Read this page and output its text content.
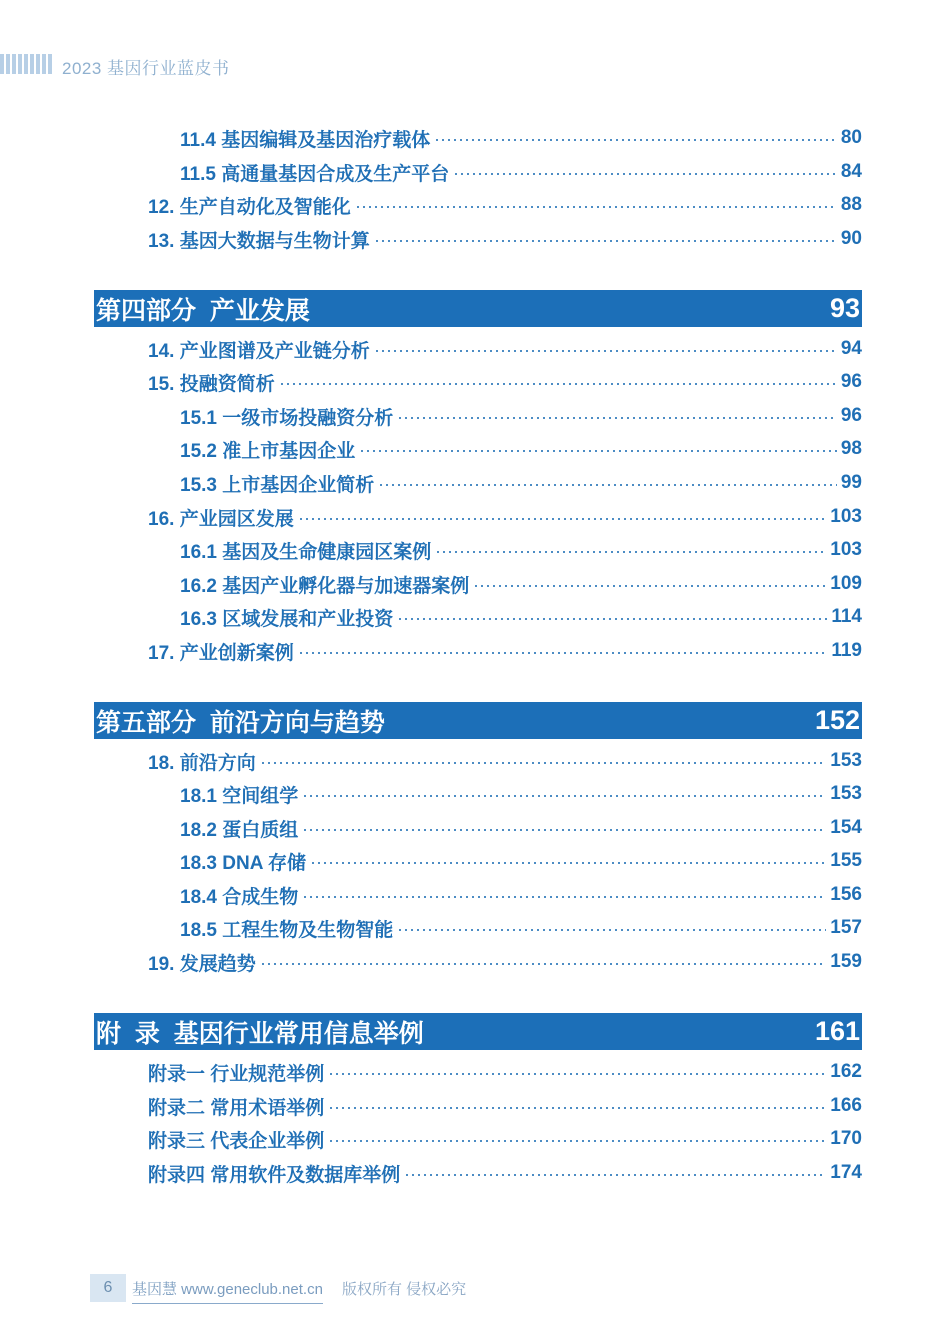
2023 基因行业蓝皮书
11.4 基因编辑及基因治疗载体	80
11.5 高通量基因合成及生产平台	84
12. 生产自动化及智能化	88
13. 基因大数据与生物计算	90
第四部分  产业发展	93
14. 产业图谱及产业链分析	94
15. 投融资简析	96
15.1 一级市场投融资分析	96
15.2 准上市基因企业	98
15.3 上市基因企业简析	99
16. 产业园区发展	103
16.1 基因及生命健康园区案例	103
16.2 基因产业孵化器与加速器案例	109
16.3 区域发展和产业投资	114
17. 产业创新案例	119
第五部分  前沿方向与趋势	152
18. 前沿方向	153
18.1 空间组学	153
18.2 蛋白质组	154
18.3 DNA 存储	155
18.4 合成生物	156
18.5 工程生物及生物智能	157
19. 发展趋势	159
附  录  基因行业常用信息举例	161
附录一 行业规范举例	162
附录二 常用术语举例	166
附录三 代表企业举例	170
附录四 常用软件及数据库举例	174
6	基因慧 www.geneclub.net.cn 版权所有 侵权必究
